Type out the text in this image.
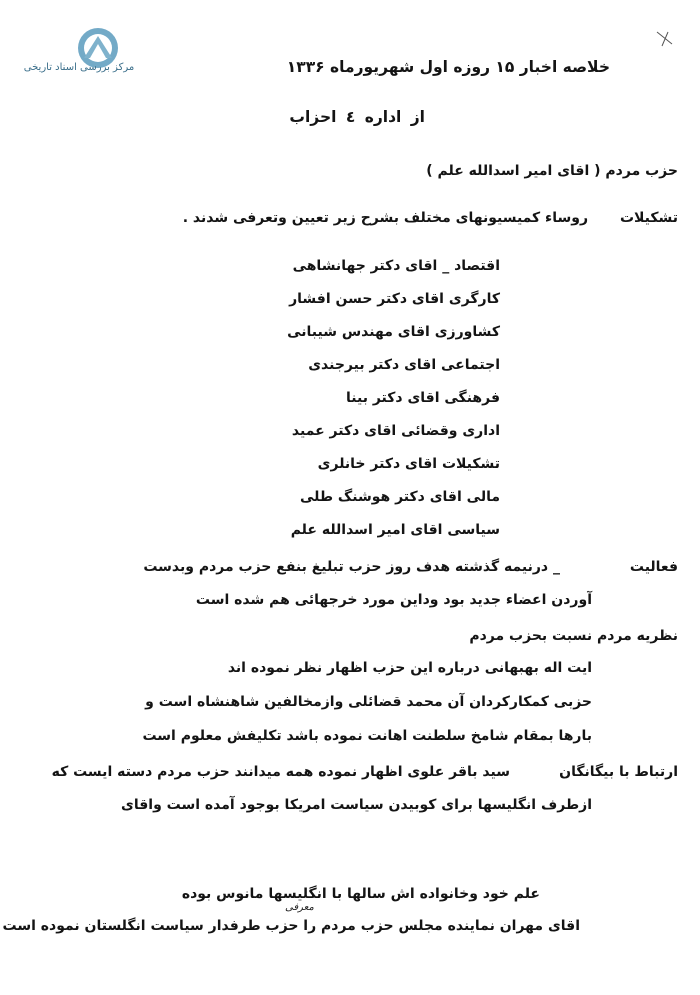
مرکز بررسی اسناد تاریخی	خلاصه اخبار ۱۵ روزه اول شهریورماه ۱۳۳۶
از اداره ٤ احزاب
حزب مردم ( اقای امیر اسدالله علم )
تشکیلات
روساء کمیسیونهای مختلف بشرح زیر تعیین وتعرفی شدند .
اقتصاد _ اقای دکتر جهانشاهی
کارگری اقای دکتر حسن افشار
کشاورزی اقای مهندس شیبانی
اجتماعی اقای دکتر بیرجندی
فرهنگی اقای دکتر بینا
اداری وقضائی اقای دکتر عمید
تشکیلات اقای دکتر خانلری
مالی اقای دکتر هوشنگ طلی
سیاسی اقای امیر اسدالله علم
_ درنیمه گذشته هدف روز حزب تبلیغ بنفع حزب مردم وبدست	فعالیت
آوردن اعضاء جدید بود وداین مورد خرجهائی هم شده است
نظریه مردم نسبت بحزب مردم
ایت اله بهبهانی درباره این حزب اظهار نظر نموده اند
حزبی کمکارکردان آن محمد قضائلی وازمخالفین شاهنشاه است و
بارها بمقام شامخ سلطنت اهانت نموده باشد تکلیفش معلوم است
ارتباط با بیگانگان
سید باقر علوی اظهار نموده همه میدانند حزب مردم دسته ایست که
ازطرف انگلیسها برای کوبیدن سیاست امریکا بوجود آمده است واقای
علم خود وخانواده اش سالها با انگلیسها مانوس بوده
معرفی
اقای مهران نماینده مجلس حزب مردم را حزب طرفدار سیاست انگلستان نموده است
